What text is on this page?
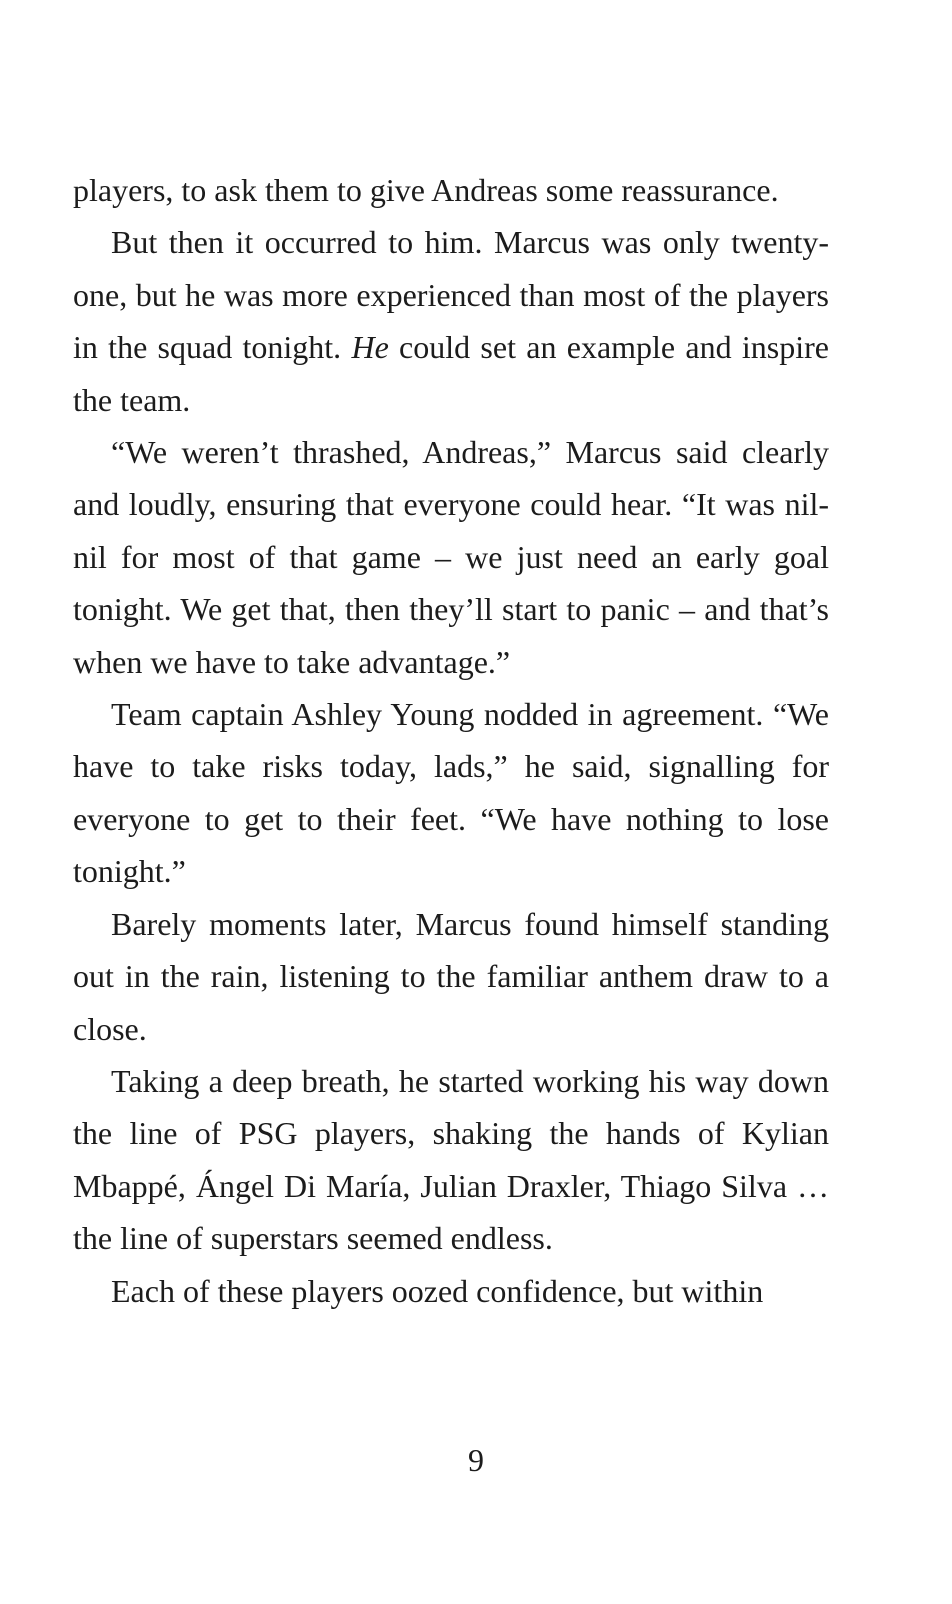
players, to ask them to give Andreas some reassurance.

But then it occurred to him. Marcus was only twenty-one, but he was more experienced than most of the players in the squad tonight. He could set an example and inspire the team.

“We weren’t thrashed, Andreas,” Marcus said clearly and loudly, ensuring that everyone could hear. “It was nil-nil for most of that game – we just need an early goal tonight. We get that, then they’ll start to panic – and that’s when we have to take advantage.”

Team captain Ashley Young nodded in agreement. “We have to take risks today, lads,” he said, signalling for everyone to get to their feet. “We have nothing to lose tonight.”

Barely moments later, Marcus found himself standing out in the rain, listening to the familiar anthem draw to a close.

Taking a deep breath, he started working his way down the line of PSG players, shaking the hands of Kylian Mbappé, Ángel Di María, Julian Draxler, Thiago Silva … the line of superstars seemed endless.

Each of these players oozed confidence, but within

9
